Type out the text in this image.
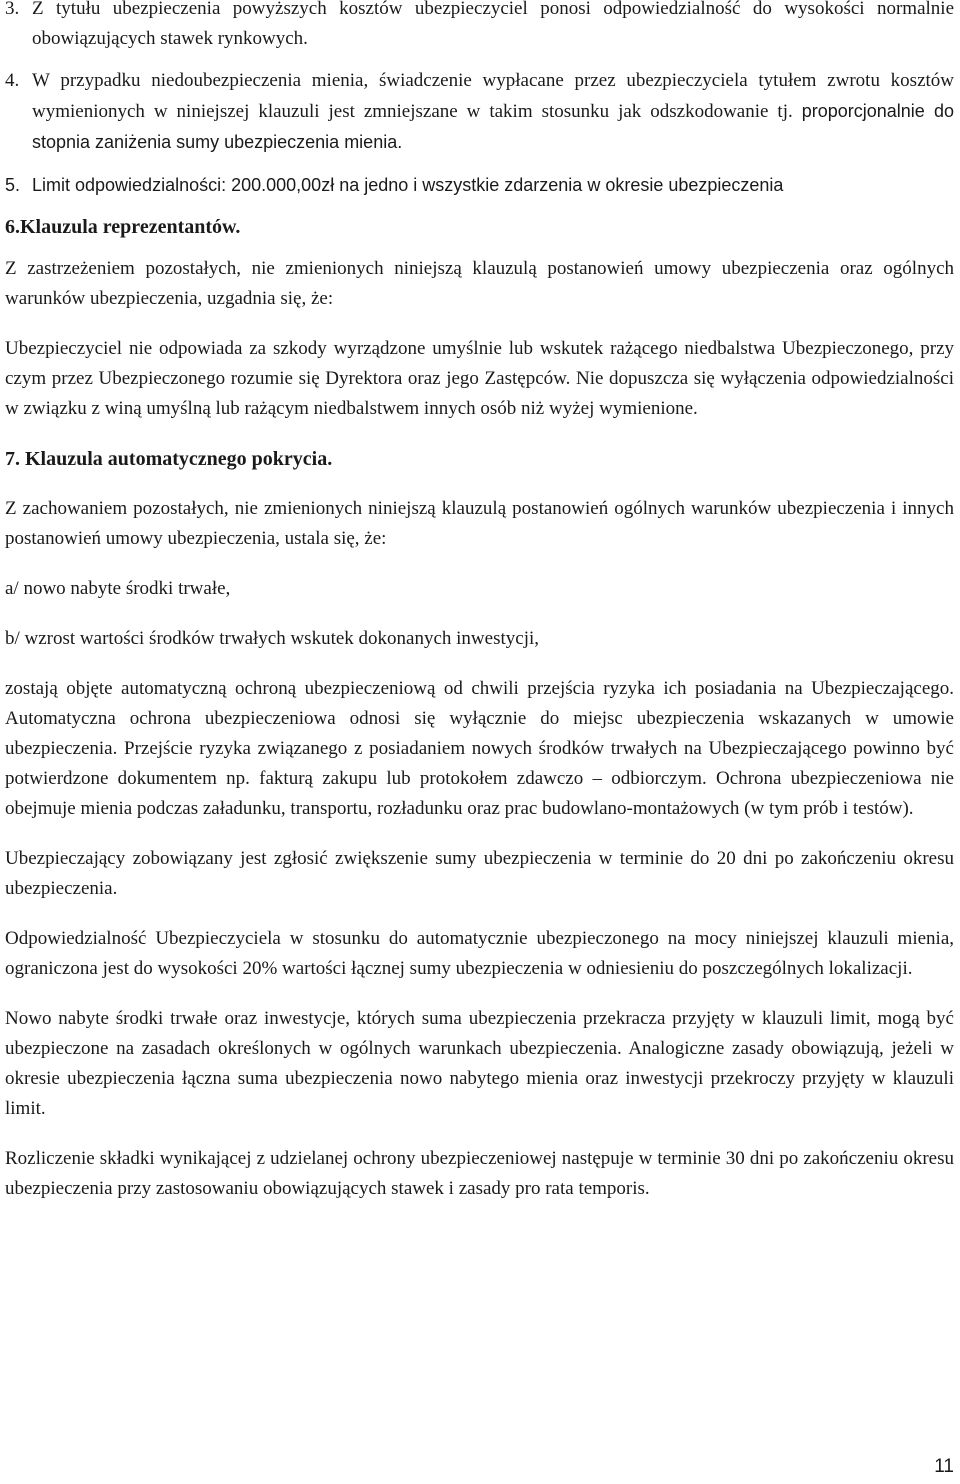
3. Z tytułu ubezpieczenia powyższych kosztów ubezpieczyciel ponosi odpowiedzialność do wysokości normalnie obowiązujących stawek rynkowych.
4. W przypadku niedoubezpieczenia mienia, świadczenie wypłacane przez ubezpieczyciela tytułem zwrotu kosztów wymienionych w niniejszej klauzuli jest zmniejszane w takim stosunku jak odszkodowanie tj. proporcjonalnie do stopnia zaniżenia sumy ubezpieczenia mienia.
5. Limit odpowiedzialności: 200.000,00zł na jedno i wszystkie zdarzenia w okresie ubezpieczenia
6.Klauzula reprezentantów.

Z zastrzeżeniem pozostałych, nie zmienionych niniejszą klauzulą postanowień umowy ubezpieczenia oraz ogólnych warunków ubezpieczenia, uzgadnia się, że:

Ubezpieczyciel nie odpowiada za szkody wyrządzone umyślnie lub wskutek rażącego niedbalstwa Ubezpieczonego, przy czym przez Ubezpieczonego rozumie się Dyrektora oraz jego Zastępców. Nie dopuszcza się wyłączenia odpowiedzialności w związku z winą umyślną lub rażącym niedbalstwem innych osób niż wyżej wymienione.

7. Klauzula automatycznego pokrycia.

Z zachowaniem pozostałych, nie zmienionych niniejszą klauzulą postanowień ogólnych warunków ubezpieczenia i innych postanowień umowy ubezpieczenia, ustala się, że:

a/ nowo nabyte środki trwałe,

b/ wzrost wartości środków trwałych wskutek dokonanych inwestycji,

zostają objęte automatyczną ochroną ubezpieczeniową od chwili przejścia ryzyka ich posiadania na Ubezpieczającego. Automatyczna ochrona ubezpieczeniowa odnosi się wyłącznie do miejsc ubezpieczenia wskazanych w umowie ubezpieczenia. Przejście ryzyka związanego z posiadaniem nowych środków trwałych na Ubezpieczającego powinno być potwierdzone dokumentem np. fakturą zakupu lub protokołem zdawczo – odbiorczym. Ochrona ubezpieczeniowa nie obejmuje mienia podczas załadunku, transportu, rozładunku oraz prac budowlano-montażowych (w tym prób i testów).

Ubezpieczający zobowiązany jest zgłosić zwiększenie sumy ubezpieczenia w terminie do 20 dni po zakończeniu okresu ubezpieczenia.

Odpowiedzialność Ubezpieczyciela w stosunku do automatycznie ubezpieczonego na mocy niniejszej klauzuli mienia, ograniczona jest do wysokości 20% wartości łącznej sumy ubezpieczenia w odniesieniu do poszczególnych lokalizacji.

Nowo nabyte środki trwałe oraz inwestycje, których suma ubezpieczenia przekracza przyjęty w klauzuli limit, mogą być ubezpieczone na zasadach określonych w ogólnych warunkach ubezpieczenia. Analogiczne zasady obowiązują, jeżeli w okresie ubezpieczenia łączna suma ubezpieczenia nowo nabytego mienia oraz inwestycji przekroczy przyjęty w klauzuli limit.

Rozliczenie składki wynikającej z udzielanej ochrony ubezpieczeniowej następuje w terminie 30 dni po zakończeniu okresu ubezpieczenia przy zastosowaniu obowiązujących stawek i zasady pro rata temporis.

11
